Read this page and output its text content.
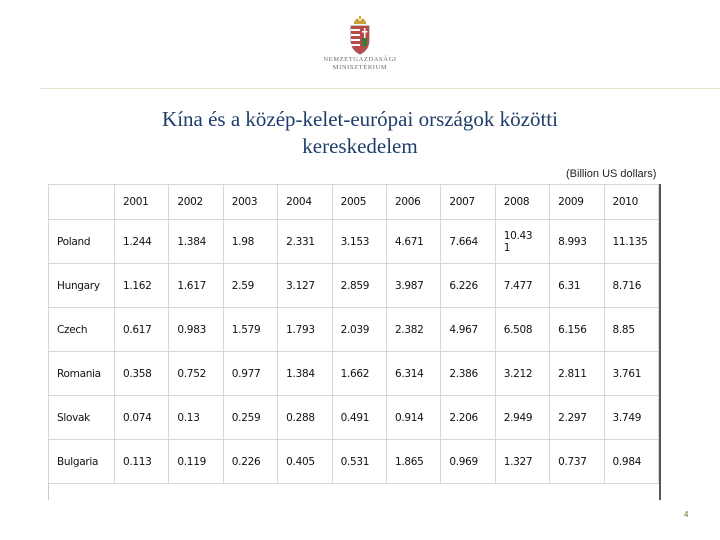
NEMZETGAZDASÁGI
MINISZTÉRIUM
Kína és a közép-kelet-európai országok közötti kereskedelem
(Billion US dollars)
	2001	2002	2003	2004	2005	2006	2007	2008	2009	2010
Poland	1.244	1.384	1.98	2.331	3.153	4.671	7.664	10.431	8.993	11.135
Hungary	1.162	1.617	2.59	3.127	2.859	3.987	6.226	7.477	6.31	8.716
Czech	0.617	0.983	1.579	1.793	2.039	2.382	4.967	6.508	6.156	8.85
Romania	0.358	0.752	0.977	1.384	1.662	6.314	2.386	3.212	2.811	3.761
Slovak	0.074	0.13	0.259	0.288	0.491	0.914	2.206	2.949	2.297	3.749
Bulgaria	0.113	0.119	0.226	0.405	0.531	1.865	0.969	1.327	0.737	0.984
4
